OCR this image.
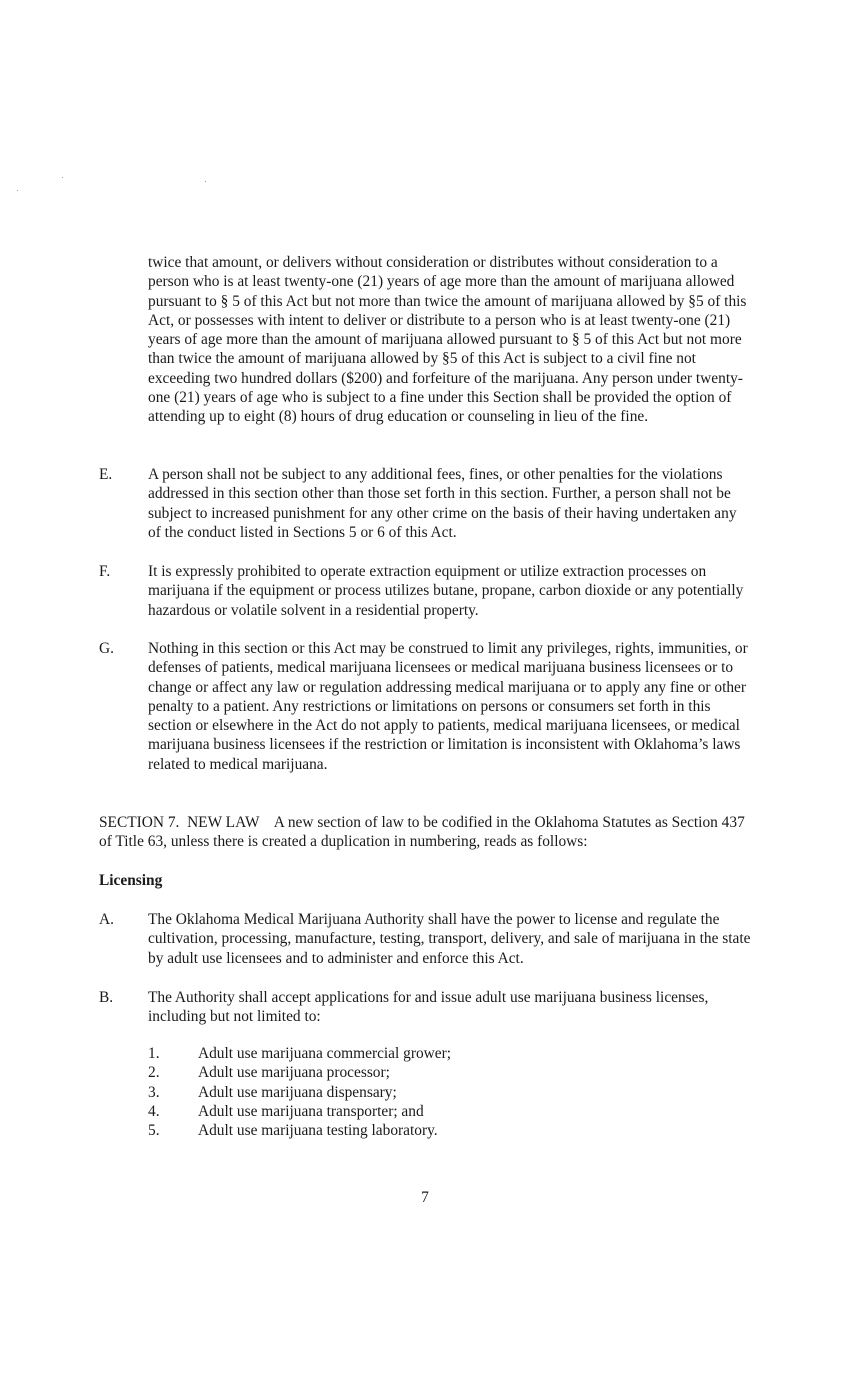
twice that amount, or delivers without consideration or distributes without consideration to a person who is at least twenty-one (21) years of age more than the amount of marijuana allowed pursuant to § 5 of this Act but not more than twice the amount of marijuana allowed by §5 of this Act, or possesses with intent to deliver or distribute to a person who is at least twenty-one (21) years of age more than the amount of marijuana allowed pursuant to § 5 of this Act but not more than twice the amount of marijuana allowed by §5 of this Act is subject to a civil fine not exceeding two hundred dollars ($200) and forfeiture of the marijuana. Any person under twenty-one (21) years of age who is subject to a fine under this Section shall be provided the option of attending up to eight (8) hours of drug education or counseling in lieu of the fine.

E. A person shall not be subject to any additional fees, fines, or other penalties for the violations addressed in this section other than those set forth in this section. Further, a person shall not be subject to increased punishment for any other crime on the basis of their having undertaken any of the conduct listed in Sections 5 or 6 of this Act.

F. It is expressly prohibited to operate extraction equipment or utilize extraction processes on marijuana if the equipment or process utilizes butane, propane, carbon dioxide or any potentially hazardous or volatile solvent in a residential property.

G. Nothing in this section or this Act may be construed to limit any privileges, rights, immunities, or defenses of patients, medical marijuana licensees or medical marijuana business licensees or to change or affect any law or regulation addressing medical marijuana or to apply any fine or other penalty to a patient. Any restrictions or limitations on persons or consumers set forth in this section or elsewhere in the Act do not apply to patients, medical marijuana licensees, or medical marijuana business licensees if the restriction or limitation is inconsistent with Oklahoma’s laws related to medical marijuana.

SECTION 7.  NEW LAW    A new section of law to be codified in the Oklahoma Statutes as Section 437 of Title 63, unless there is created a duplication in numbering, reads as follows:

Licensing
A. The Oklahoma Medical Marijuana Authority shall have the power to license and regulate the cultivation, processing, manufacture, testing, transport, delivery, and sale of marijuana in the state by adult use licensees and to administer and enforce this Act.

B. The Authority shall accept applications for and issue adult use marijuana business licenses, including but not limited to:

1. Adult use marijuana commercial grower;
2. Adult use marijuana processor;
3. Adult use marijuana dispensary;
4. Adult use marijuana transporter; and
5. Adult use marijuana testing laboratory.
7
